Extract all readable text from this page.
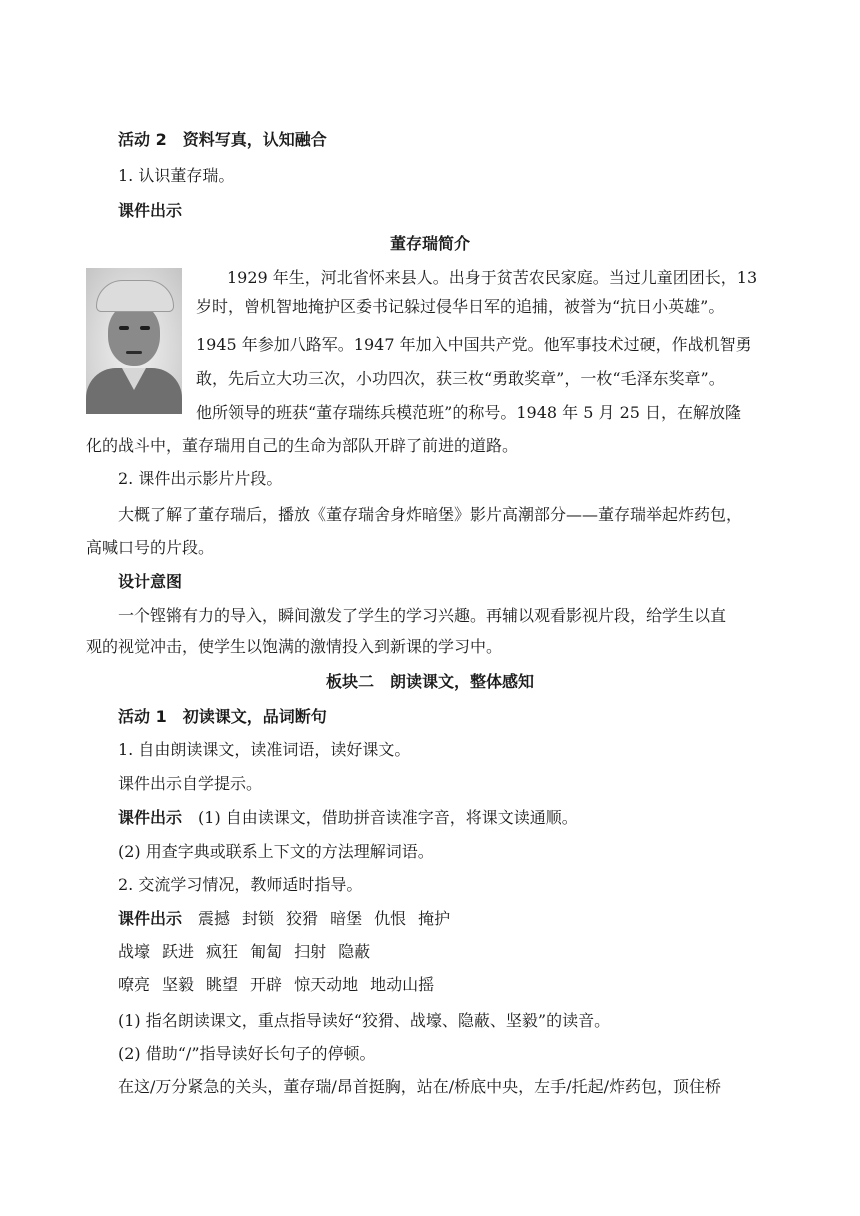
活动 2　资料写真，认知融合
1. 认识董存瑞。
课件出示
董存瑞简介
1929 年生，河北省怀来县人。出身于贫苦农民家庭。当过儿童团团长，13
岁时，曾机智地掩护区委书记躲过侵华日军的追捕，被誉为“抗日小英雄”。
1945 年参加八路军。1947 年加入中国共产党。他军事技术过硬，作战机智勇
敢，先后立大功三次，小功四次，获三枚“勇敢奖章”，一枚“毛泽东奖章”。
他所领导的班获“董存瑞练兵模范班”的称号。1948 年 5 月 25 日，在解放隆
化的战斗中，董存瑞用自己的生命为部队开辟了前进的道路。
2. 课件出示影片片段。
大概了解了董存瑞后，播放《董存瑞舍身炸暗堡》影片高潮部分——董存瑞举起炸药包，
高喊口号的片段。
设计意图
一个铿锵有力的导入，瞬间激发了学生的学习兴趣。再辅以观看影视片段，给学生以直
观的视觉冲击，使学生以饱满的激情投入到新课的学习中。
板块二　朗读课文，整体感知
活动 1　初读课文，品词断句
1. 自由朗读课文，读准词语，读好课文。
课件出示自学提示。
课件出示 (1) 自由读课文，借助拼音读准字音，将课文读通顺。
(2) 用查字典或联系上下文的方法理解词语。
2. 交流学习情况，教师适时指导。
课件出示 震撼 封锁 狡猾 暗堡 仇恨 掩护
战壕 跃进 疯狂 匍匐 扫射 隐蔽
嘹亮 坚毅 眺望 开辟 惊天动地 地动山摇
(1) 指名朗读课文，重点指导读好“狡猾、战壕、隐蔽、坚毅”的读音。
(2) 借助“/”指导读好长句子的停顿。
在这/万分紧急的关头，董存瑞/昂首挺胸，站在/桥底中央，左手/托起/炸药包，顶住桥
